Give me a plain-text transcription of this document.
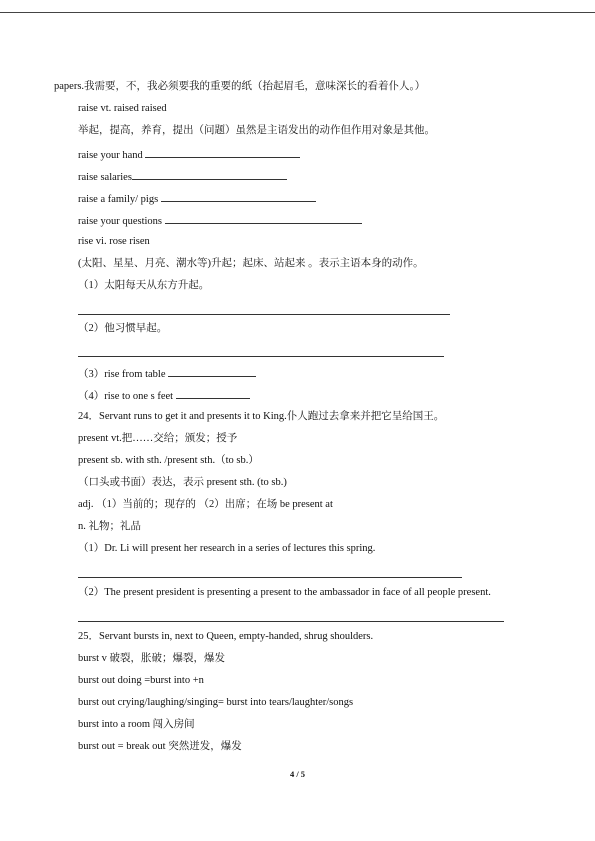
papers.我需要，不，我必须要我的重要的纸（抬起眉毛，意味深长的看着仆人。）

raise vt. raised raised

举起，提高，养育，提出（问题）虽然是主语发出的动作但作用对象是其他。

raise your hand

raise salaries

raise a family/ pigs

raise your questions

rise vi. rose risen

(太阳、星星、月亮、潮水等)升起；起床、站起来 。表示主语本身的动作。

（1）太阳每天从东方升起。

（2）他习惯早起。

（3）rise from table

（4）rise to one s feet

24．Servant runs to get it and presents it to King.仆人跑过去拿来并把它呈给国王。

present vt.把……交给；颁发；授予

present sb. with sth. /present sth.（to sb.）

（口头或书面）表达，表示 present sth. (to sb.)

adj. （1）当前的；现存的 （2）出席；在场 be present at

n. 礼物；礼品

（1）Dr. Li will present her research in a series of lectures this spring.

（2）The present president is presenting a present to the ambassador in face of all people present.

25．Servant bursts in, next to Queen, empty-handed, shrug shoulders.

burst v 破裂，胀破；爆裂，爆发

burst out doing =burst into +n

burst out crying/laughing/singing= burst into tears/laughter/songs

burst into a room 闯入房间

burst out = break out 突然迸发，爆发

4 / 5
